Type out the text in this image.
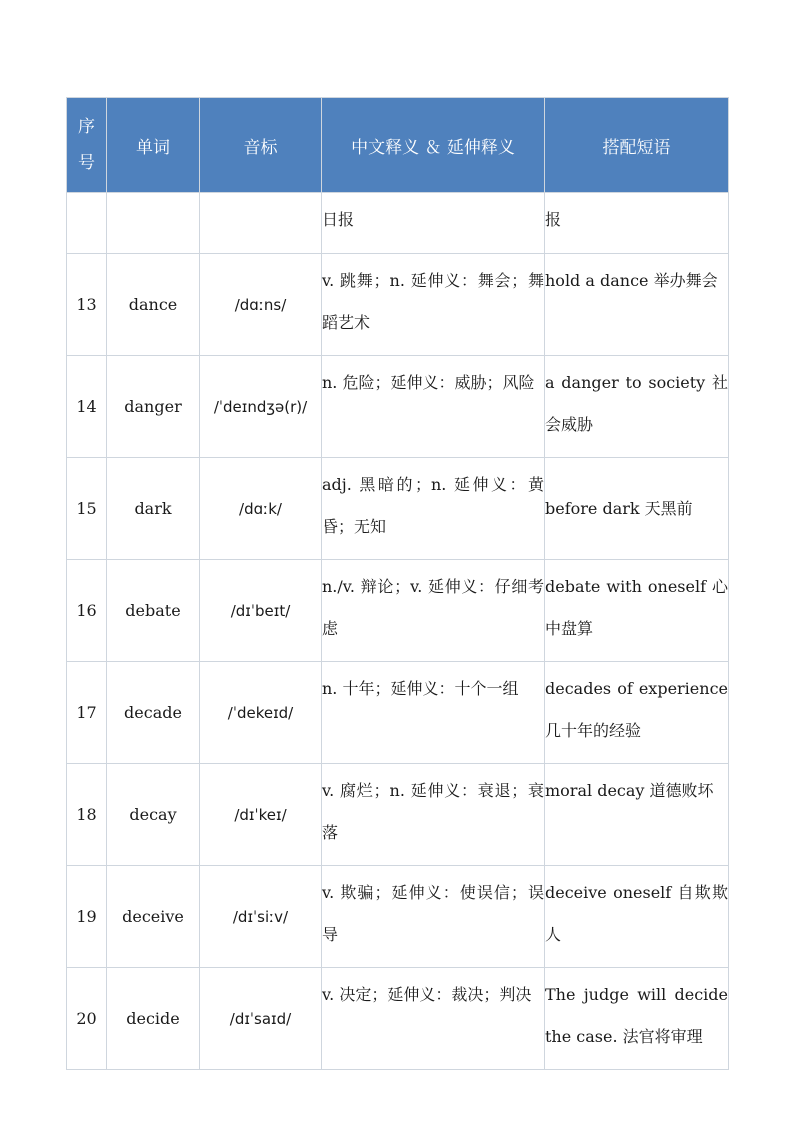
序
号	单词	音标	中文释义 ＆ 延伸释义	搭配短语
			日报	报
13	dance	/dɑːns/	v. 跳舞；n. 延伸义：舞会；舞蹈艺术	hold a dance 举办舞会
14	danger	/ˈdeɪndʒə(r)/	n. 危险；延伸义：威胁；风险	a danger to society 社会威胁
15	dark	/dɑːk/	adj. 黑暗的；n. 延伸义：黄昏；无知	before dark 天黑前
16	debate	/dɪˈbeɪt/	n./v. 辩论；v. 延伸义：仔细考虑	debate with oneself 心中盘算
17	decade	/ˈdekeɪd/	n. 十年；延伸义：十个一组	decades of experience 几十年的经验
18	decay	/dɪˈkeɪ/	v. 腐烂；n. 延伸义：衰退；衰落	moral decay 道德败坏
19	deceive	/dɪˈsiːv/	v. 欺骗；延伸义：使误信；误导	deceive oneself 自欺欺人
20	decide	/dɪˈsaɪd/	v. 决定；延伸义：裁决；判决	The judge will decide the case. 法官将审理
